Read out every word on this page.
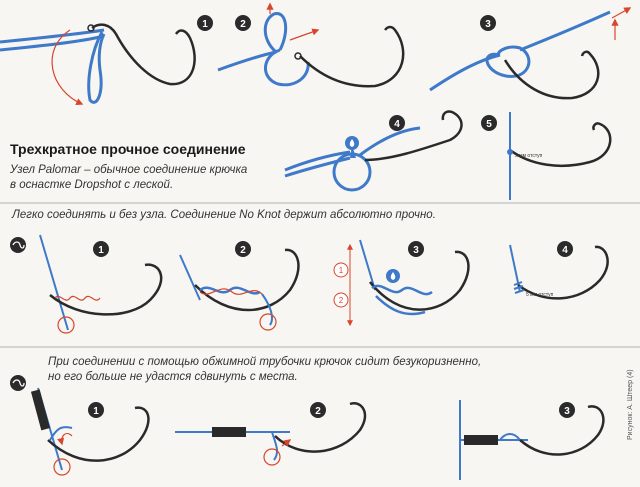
1	2	3
4
5 мм отступ
5
1	2
1
2
3
5 мм отступ
4
1	2	3
Трехкратное прочное соединение
Узел Palomar – обычное соединение крючка
в оснастке Dropshot с леской.
Легко соединять и без узла. Соединение No Knot держит абсолютно прочно.
При соединении с помощью обжимной трубочки крючок сидит безукоризненно,
но его больше не удастся сдвинуть с места.	Рисунок: А. Штеер (4)
